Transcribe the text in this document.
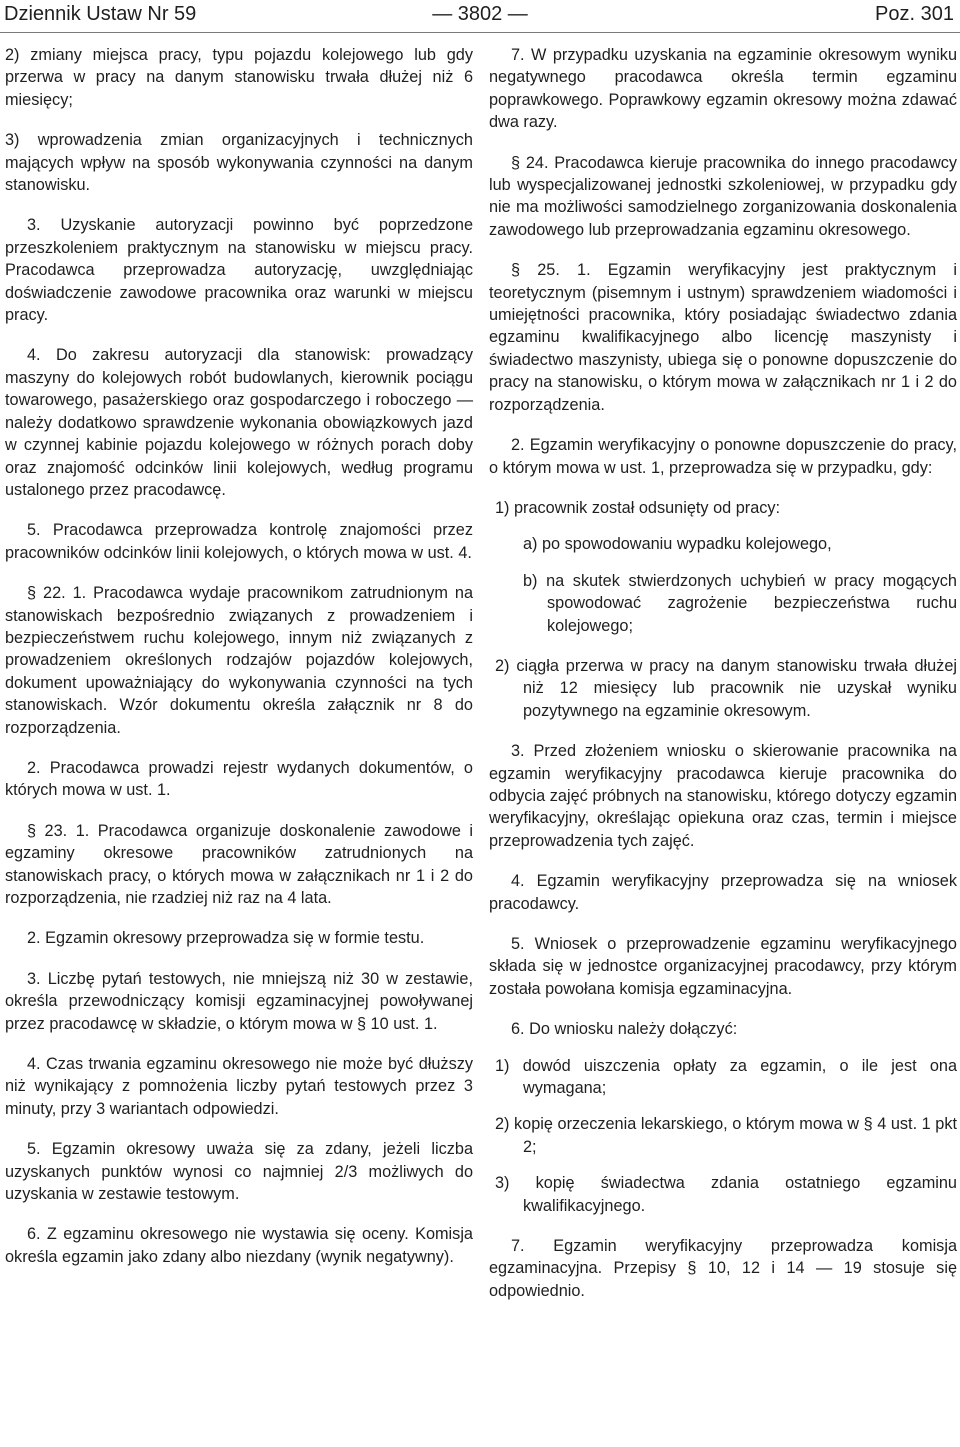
Dziennik Ustaw Nr 59	— 3802 —	Poz. 301

2) zmiany miejsca pracy, typu pojazdu kolejowego lub gdy przerwa w pracy na danym stanowisku trwała dłużej niż 6 miesięcy;

3) wprowadzenia zmian organizacyjnych i technicznych mających wpływ na sposób wykonywania czynności na danym stanowisku.

3. Uzyskanie autoryzacji powinno być poprzedzone przeszkoleniem praktycznym na stanowisku w miejscu pracy. Pracodawca przeprowadza autoryzację, uwzględniając doświadczenie zawodowe pracownika oraz warunki w miejscu pracy.

4. Do zakresu autoryzacji dla stanowisk: prowadzący maszyny do kolejowych robót budowlanych, kierownik pociągu towarowego, pasażerskiego oraz gospodarczego i roboczego — należy dodatkowo sprawdzenie wykonania obowiązkowych jazd w czynnej kabinie pojazdu kolejowego w różnych porach doby oraz znajomość odcinków linii kolejowych, według programu ustalonego przez pracodawcę.

5. Pracodawca przeprowadza kontrolę znajomości przez pracowników odcinków linii kolejowych, o których mowa w ust. 4.

§ 22. 1. Pracodawca wydaje pracownikom zatrudnionym na stanowiskach bezpośrednio związanych z prowadzeniem i bezpieczeństwem ruchu kolejowego, innym niż związanych z prowadzeniem określonych rodzajów pojazdów kolejowych, dokument upoważniający do wykonywania czynności na tych stanowiskach. Wzór dokumentu określa załącznik nr 8 do rozporządzenia.

2. Pracodawca prowadzi rejestr wydanych dokumentów, o których mowa w ust. 1.

§ 23. 1. Pracodawca organizuje doskonalenie zawodowe i egzaminy okresowe pracowników zatrudnionych na stanowiskach pracy, o których mowa w załącznikach nr 1 i 2 do rozporządzenia, nie rzadziej niż raz na 4 lata.

2. Egzamin okresowy przeprowadza się w formie testu.

3. Liczbę pytań testowych, nie mniejszą niż 30 w zestawie, określa przewodniczący komisji egzaminacyjnej powoływanej przez pracodawcę w składzie, o którym mowa w § 10 ust. 1.

4. Czas trwania egzaminu okresowego nie może być dłuższy niż wynikający z pomnożenia liczby pytań testowych przez 3 minuty, przy 3 wariantach odpowiedzi.

5. Egzamin okresowy uważa się za zdany, jeżeli liczba uzyskanych punktów wynosi co najmniej 2/3 możliwych do uzyskania w zestawie testowym.

6. Z egzaminu okresowego nie wystawia się oceny. Komisja określa egzamin jako zdany albo niezdany (wynik negatywny).

7. W przypadku uzyskania na egzaminie okresowym wyniku negatywnego pracodawca określa termin egzaminu poprawkowego. Poprawkowy egzamin okresowy można zdawać dwa razy.

§ 24. Pracodawca kieruje pracownika do innego pracodawcy lub wyspecjalizowanej jednostki szkoleniowej, w przypadku gdy nie ma możliwości samodzielnego zorganizowania doskonalenia zawodowego lub przeprowadzania egzaminu okresowego.

§ 25. 1. Egzamin weryfikacyjny jest praktycznym i teoretycznym (pisemnym i ustnym) sprawdzeniem wiadomości i umiejętności pracownika, który posiadając świadectwo zdania egzaminu kwalifikacyjnego albo licencję maszynisty i świadectwo maszynisty, ubiega się o ponowne dopuszczenie do pracy na stanowisku, o którym mowa w załącznikach nr 1 i 2 do rozporządzenia.

2. Egzamin weryfikacyjny o ponowne dopuszczenie do pracy, o którym mowa w ust. 1, przeprowadza się w przypadku, gdy:

1) pracownik został odsunięty od pracy:

a) po spowodowaniu wypadku kolejowego,

b) na skutek stwierdzonych uchybień w pracy mogących spowodować zagrożenie bezpieczeństwa ruchu kolejowego;

2) ciągła przerwa w pracy na danym stanowisku trwała dłużej niż 12 miesięcy lub pracownik nie uzyskał wyniku pozytywnego na egzaminie okresowym.

3. Przed złożeniem wniosku o skierowanie pracownika na egzamin weryfikacyjny pracodawca kieruje pracownika do odbycia zajęć próbnych na stanowisku, którego dotyczy egzamin weryfikacyjny, określając opiekuna oraz czas, termin i miejsce przeprowadzenia tych zajęć.

4. Egzamin weryfikacyjny przeprowadza się na wniosek pracodawcy.

5. Wniosek o przeprowadzenie egzaminu weryfikacyjnego składa się w jednostce organizacyjnej pracodawcy, przy którym została powołana komisja egzaminacyjna.

6. Do wniosku należy dołączyć:

1) dowód uiszczenia opłaty za egzamin, o ile jest ona wymagana;

2) kopię orzeczenia lekarskiego, o którym mowa w § 4 ust. 1 pkt 2;

3) kopię świadectwa zdania ostatniego egzaminu kwalifikacyjnego.

7. Egzamin weryfikacyjny przeprowadza komisja egzaminacyjna. Przepisy § 10, 12 i 14 — 19 stosuje się odpowiednio.
